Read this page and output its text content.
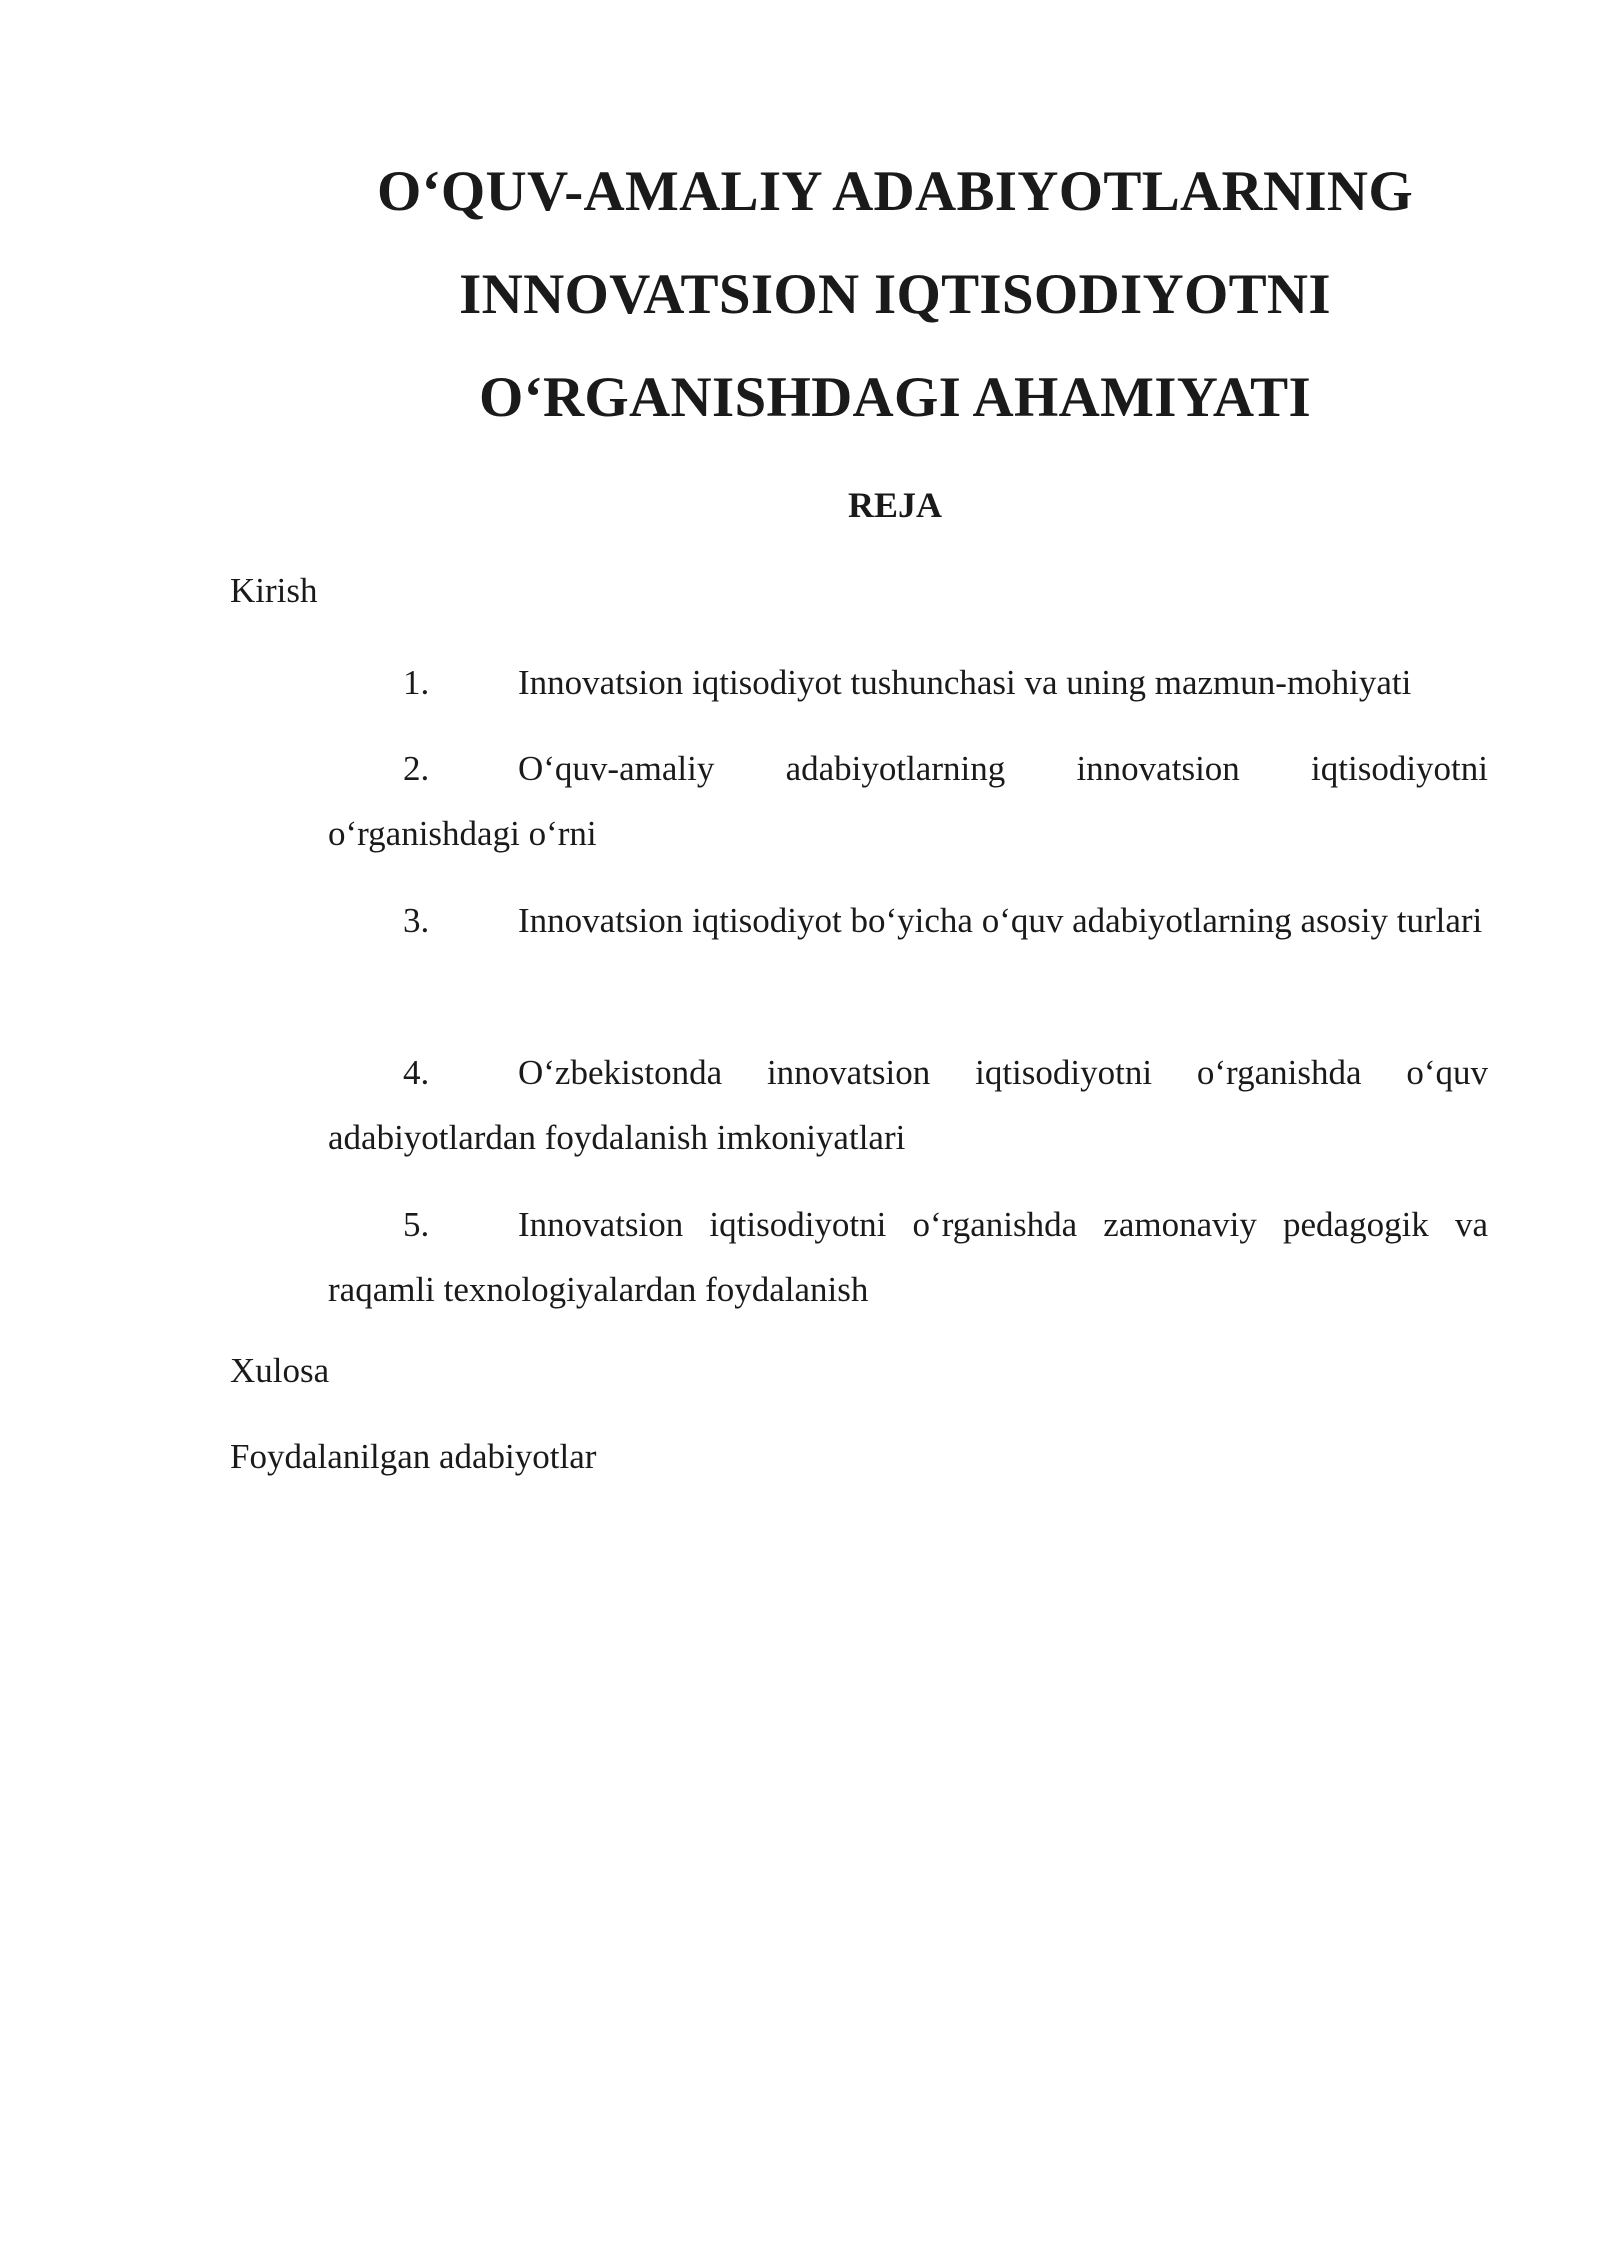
O‘QUV-AMALIY ADABIYOTLARNING
INNOVATSION IQTISODIYOTNI
O‘RGANISHDAGI AHAMIYATI
REJA
Kirish
1.	Innovatsion iqtisodiyot tushunchasi va uning mazmun-mohiyati
2.	O‘quv-amaliy adabiyotlarning innovatsion iqtisodiyotni o‘rganishdagi o‘rni
3.	Innovatsion iqtisodiyot bo‘yicha o‘quv adabiyotlarning asosiy turlari
4.	O‘zbekistonda innovatsion iqtisodiyotni o‘rganishda o‘quv adabiyotlardan foydalanish imkoniyatlari
5.	Innovatsion iqtisodiyotni o‘rganishda zamonaviy pedagogik va raqamli texnologiyalardan foydalanish
Xulosa
Foydalanilgan adabiyotlar
